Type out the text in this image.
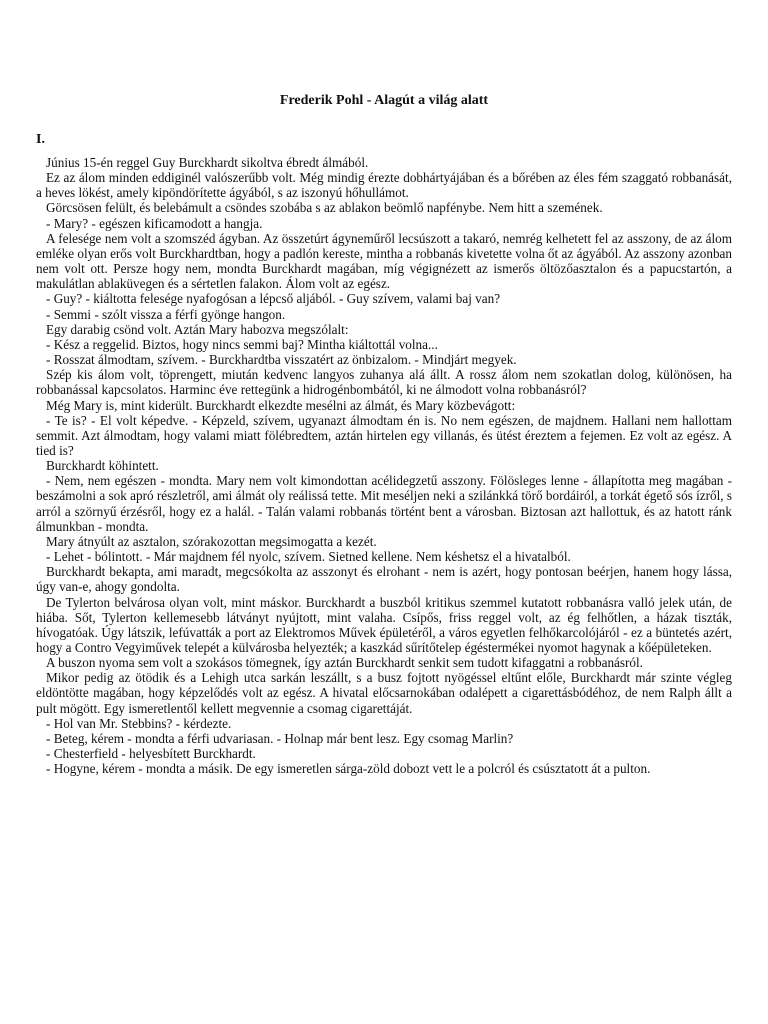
Frederik Pohl - Alagút a világ alatt
I.

Június 15-én reggel Guy Burckhardt sikoltva ébredt álmából.

Ez az álom minden eddiginél valószerűbb volt. Még mindig érezte dobhártyájában és a bőrében az éles fém szaggató robbanását, a heves lökést, amely kipöndörítette ágyából, s az iszonyú hőhullámot.

Görcsösen felült, és belebámult a csöndes szobába s az ablakon beömlő napfénybe. Nem hitt a szemének.

- Mary? - egészen kificamodott a hangja.

A felesége nem volt a szomszéd ágyban. Az összetúrt ágyneműről lecsúszott a takaró, nemrég kelhetett fel az asszony, de az álom emléke olyan erős volt Burckhardtban, hogy a padlón kereste, mintha a robbanás kivetette volna őt az ágyából. Az asszony azonban nem volt ott. Persze hogy nem, mondta Burckhardt magában, míg végignézett az ismerős öltözőasztalon és a papucstartón, a makulátlan ablaküvegen és a sértetlen falakon. Álom volt az egész.

- Guy? - kiáltotta felesége nyafogósan a lépcső aljából. - Guy szívem, valami baj van?

- Semmi - szólt vissza a férfi gyönge hangon.

Egy darabig csönd volt. Aztán Mary habozva megszólalt:

- Kész a reggelid. Biztos, hogy nincs semmi baj? Mintha kiáltottál volna...

- Rosszat álmodtam, szívem. - Burckhardtba visszatért az önbizalom. - Mindjárt megyek.

Szép kis álom volt, töprengett, miután kedvenc langyos zuhanya alá állt. A rossz álom nem szokatlan dolog, különösen, ha robbanással kapcsolatos. Harminc éve rettegünk a hidrogénbombától, ki ne álmodott volna robbanásról?

Még Mary is, mint kiderült. Burckhardt elkezdte mesélni az álmát, és Mary közbevágott:

- Te is? - El volt képedve. - Képzeld, szívem, ugyanazt álmodtam én is. No nem egészen, de majdnem. Hallani nem hallottam semmit. Azt álmodtam, hogy valami miatt fölébredtem, aztán hirtelen egy villanás, és ütést éreztem a fejemen. Ez volt az egész. A tied is?

Burckhardt köhintett.

- Nem, nem egészen - mondta. Mary nem volt kimondottan acélidegzetű asszony. Fölösleges lenne - állapította meg magában - beszámolni a sok apró részletről, ami álmát oly reálissá tette. Mit meséljen neki a szilánkká törő bordáiról, a torkát égető sós ízről, s arról a szörnyű érzésről, hogy ez a halál. - Talán valami robbanás történt bent a városban. Biztosan azt hallottuk, és az hatott ránk álmunkban - mondta.

Mary átnyúlt az asztalon, szórakozottan megsimogatta a kezét.

- Lehet - bólintott. - Már majdnem fél nyolc, szívem. Sietned kellene. Nem késhetsz el a hivatalból.

Burckhardt bekapta, ami maradt, megcsókolta az asszonyt és elrohant - nem is azért, hogy pontosan beérjen, hanem hogy lássa, úgy van-e, ahogy gondolta.

De Tylerton belvárosa olyan volt, mint máskor. Burckhardt a buszból kritikus szemmel kutatott robbanásra valló jelek után, de hiába. Sőt, Tylerton kellemesebb látványt nyújtott, mint valaha. Csípős, friss reggel volt, az ég felhőtlen, a házak tiszták, hívogatóak. Úgy látszik, lefúvatták a port az Elektromos Művek épületéről, a város egyetlen felhőkarcolójáról - ez a büntetés azért, hogy a Contro Vegyiművek telepét a külvárosba helyezték; a kaszkád sűrítőtelep égéstermékei nyomot hagynak a kőépületeken.

A buszon nyoma sem volt a szokásos tömegnek, így aztán Burckhardt senkit sem tudott kifaggatni a robbanásról.

Mikor pedig az ötödik és a Lehigh utca sarkán leszállt, s a busz fojtott nyögéssel eltűnt előle, Burckhardt már szinte végleg eldöntötte magában, hogy képzelődés volt az egész. A hivatal előcsarnokában odalépett a cigarettásbódéhoz, de nem Ralph állt a pult mögött. Egy ismeretlentől kellett megvennie a csomag cigarettáját.

- Hol van Mr. Stebbins? - kérdezte.

- Beteg, kérem - mondta a férfi udvariasan. - Holnap már bent lesz. Egy csomag Marlin?

- Chesterfield - helyesbített Burckhardt.

- Hogyne, kérem - mondta a másik. De egy ismeretlen sárga-zöld dobozt vett le a polcról és csúsztatott át a pulton.
